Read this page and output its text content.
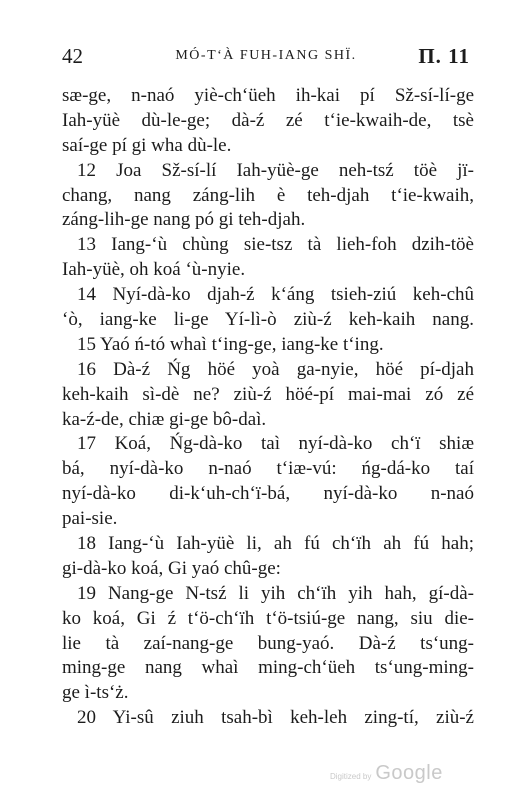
42	MÓ-T‘À FUH-IANG SHÏ.	Π. 11
sæ-ge, n-naó yiè-ch‘üeh ih-kai pí Sž-sí-lí-ge
Iah-yüè dù-le-ge; dà-ź zé t‘ie-kwaih-de, tsè
saí-ge pí gi wha dù-le.
12 Joa Sž-sí-lí Iah-yüè-ge neh-tsź töè jï-
chang, nang záng-lih è teh-djah t‘ie-kwaih,
záng-lih-ge nang pó gi teh-djah.
13 Iang-‘ù chùng sie-tsz tà lieh-foh dzih-töè
Iah-yüè, oh koá ‘ù-nyie.
14 Nyí-dà-ko djah-ź k‘áng tsieh-ziú keh-chû
‘ò, iang-ke li-ge Yí-lì-ò ziù-ź keh-kaih nang.
15 Yaó ń-tó whaì t‘ing-ge, iang-ke t‘ing.
16 Dà-ź Ńg höé yoà ga-nyie, höé pí-djah
keh-kaih sì-dè ne? ziù-ź höé-pí mai-mai zó zé
ka-ź-de, chiæ gi-ge bô-daì.
17 Koá, Ńg-dà-ko taì nyí-dà-ko ch‘ï shiæ
bá, nyí-dà-ko n-naó t‘iæ-vú: ńg-dá-ko taí
nyí-dà-ko di-k‘uh-ch‘ï-bá, nyí-dà-ko n-naó
pai-sie.
18 Iang-‘ù Iah-yüè li, ah fú ch‘ïh ah fú hah;
gi-dà-ko koá, Gi yaó chû-ge:
19 Nang-ge N-tsź li yih ch‘ïh yih hah, gí-dà-
ko koá, Gi ź t‘ö-ch‘ïh t‘ö-tsiú-ge nang, siu die-
lie tà zaí-nang-ge bung-yaó. Dà-ź ts‘ung-
ming-ge nang whaì ming-ch‘üeh ts‘ung-ming-
ge ì-ts‘ż.
20 Yi-sû ziuh tsah-bì keh-leh zing-tí, ziù-ź
Digitized by Google
